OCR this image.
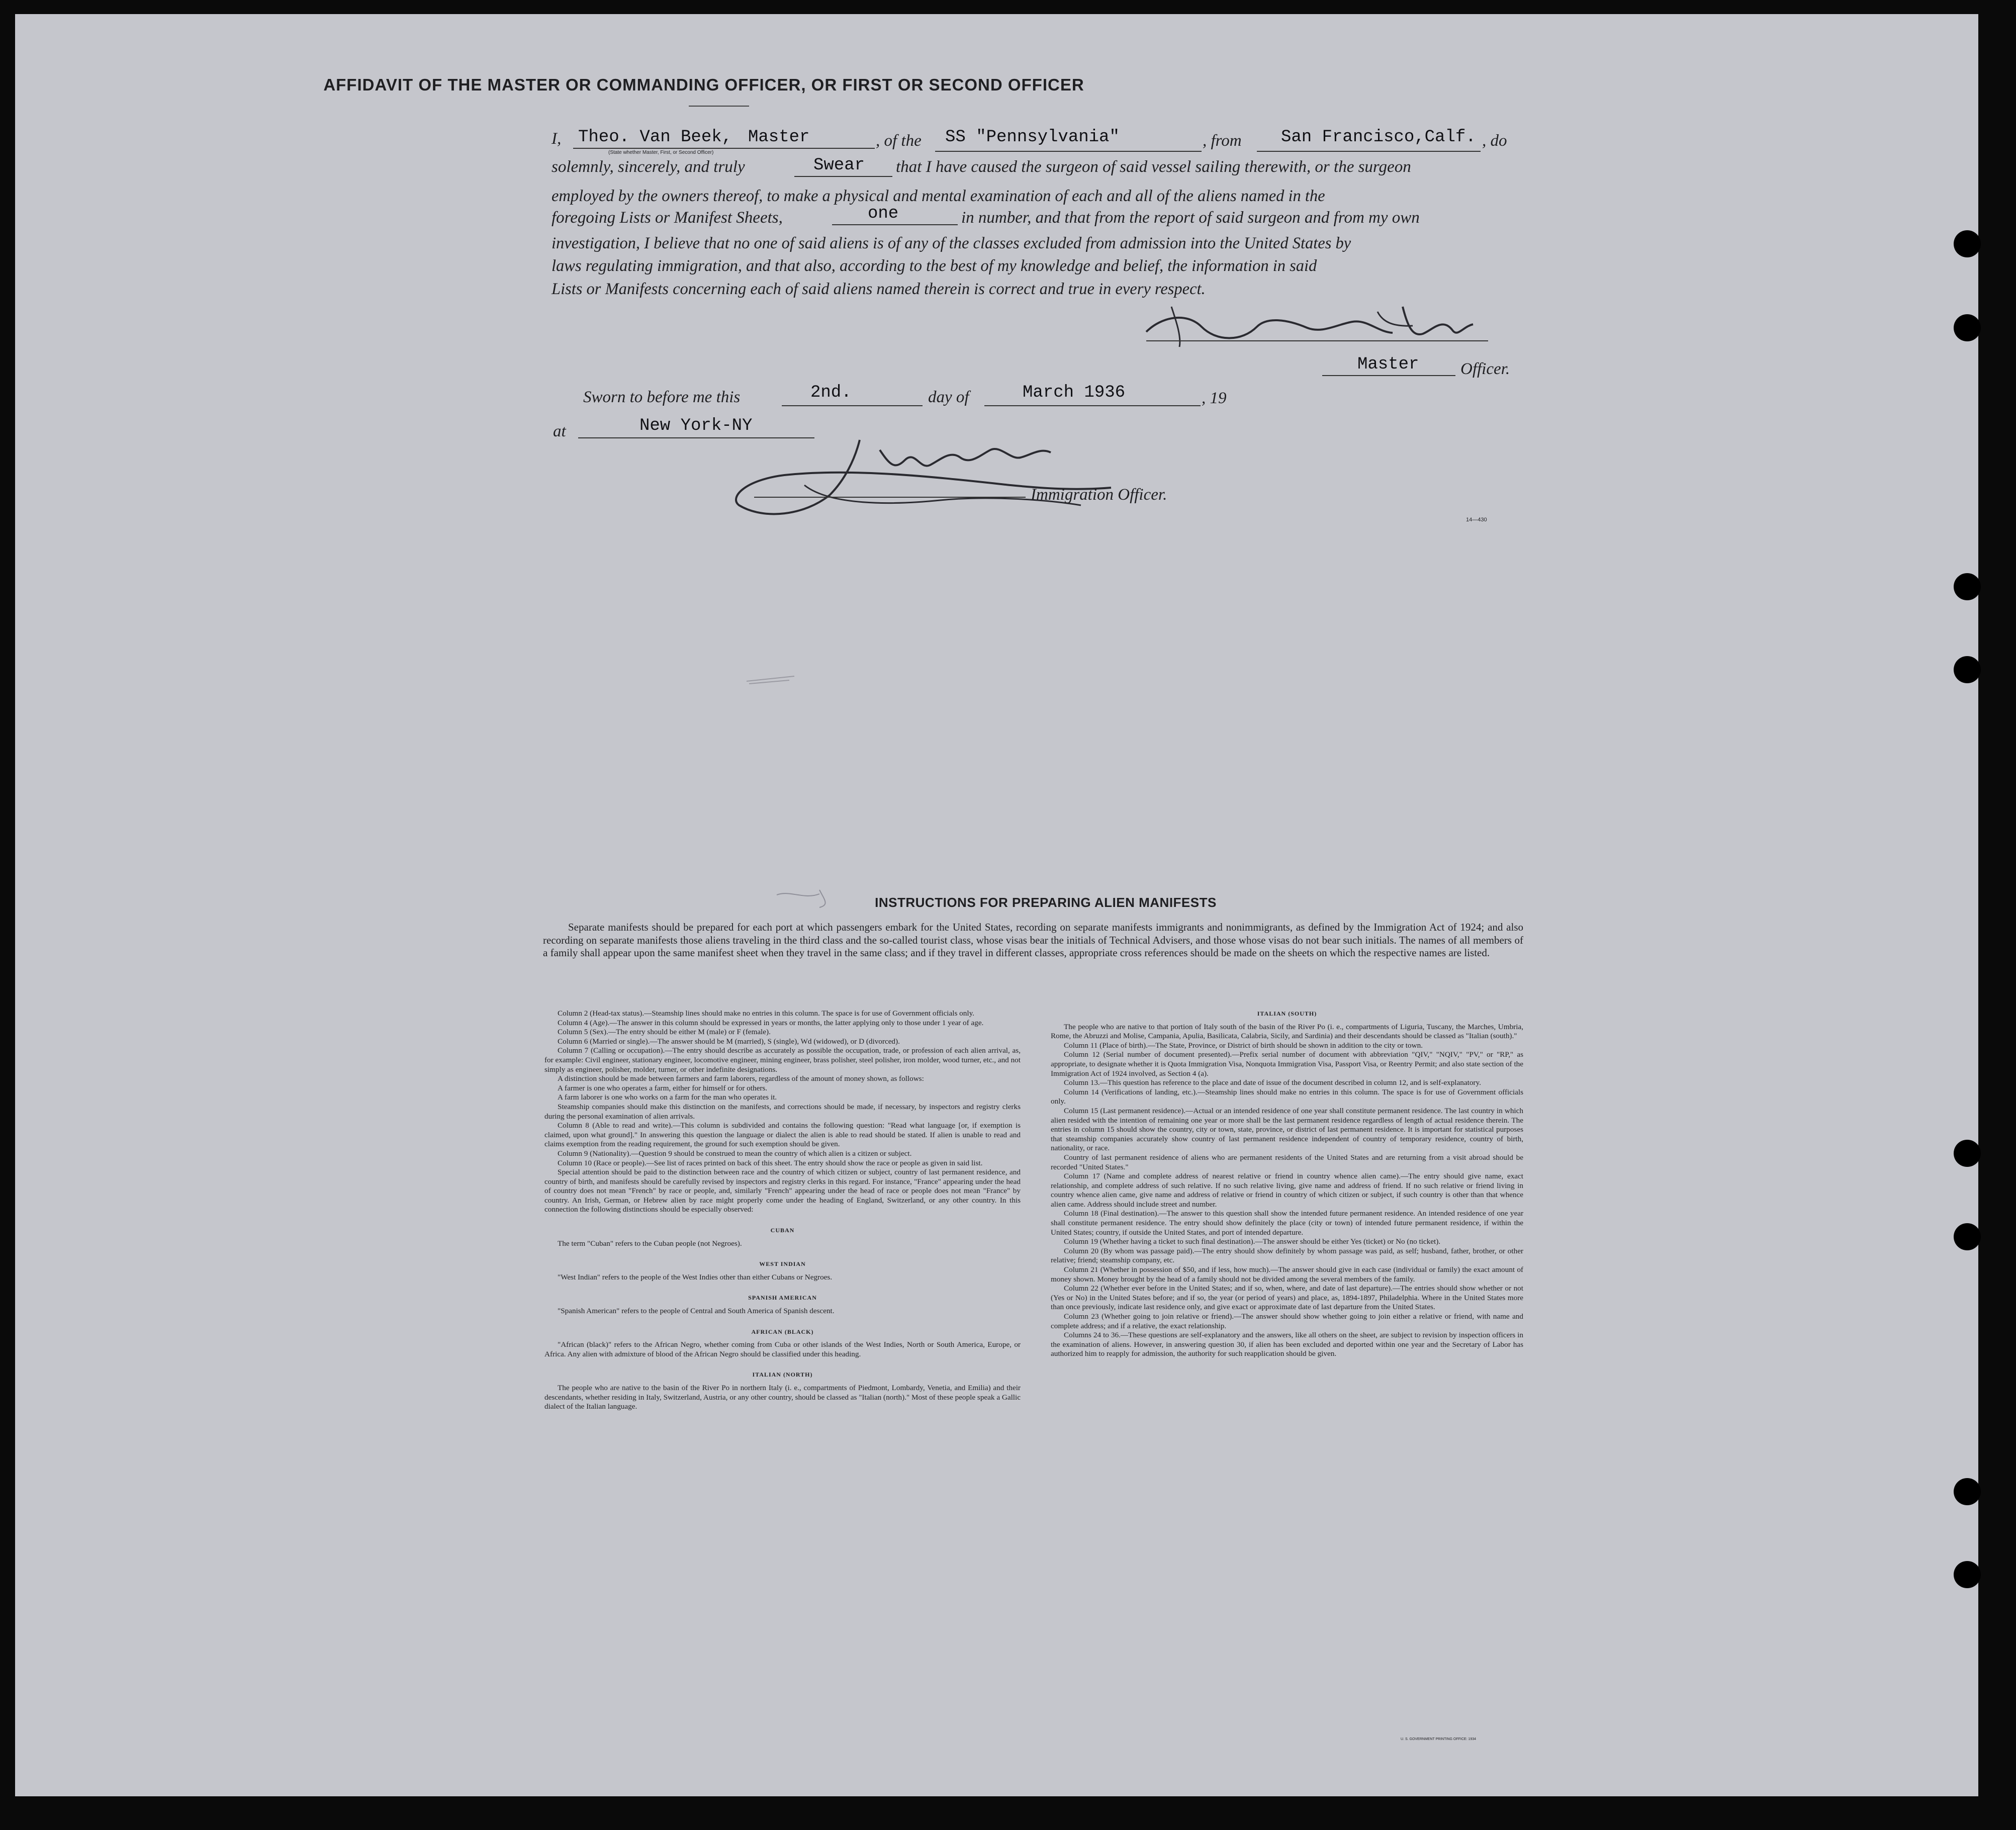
AFFIDAVIT OF THE MASTER OR COMMANDING OFFICER, OR FIRST OR SECOND OFFICER
I, Theo. Van Beek, Master
(State whether Master, First, or Second Officer)
, of the SS "Pennsylvania"	, from San Francisco,Calf. , do
solemnly, sincerely, and truly	Swear that I have caused the surgeon of said vessel sailing therewith, or the surgeon
employed by the owners thereof, to make a physical and mental examination of each and all of the aliens named in the
foregoing Lists or Manifest Sheets,	one	in number, and that from the report of said surgeon and from my own
investigation, I believe that no one of said aliens is of any of the classes excluded from admission into the United States by
laws regulating immigration, and that also, according to the best of my knowledge and belief, the information in said
Lists or Manifests concerning each of said aliens named therein is correct and true in every respect.
Master	Officer.
Sworn to before me this	2nd.	day of	March 1936	, 19
at	New York-NY
Immigration Officer.
14—430
INSTRUCTIONS FOR PREPARING ALIEN MANIFESTS
Separate manifests should be prepared for each port at which passengers embark for the United States, recording on separate manifests immigrants and nonimmigrants, as defined by the Immigration Act of 1924; and also recording on separate manifests those aliens traveling in the third class and the so-called tourist class, whose visas bear the initials of Technical Advisers, and those whose visas do not bear such initials. The names of all members of a family shall appear upon the same manifest sheet when they travel in the same class; and if they travel in different classes, appropriate cross references should be made on the sheets on which the respective names are listed.

Column 2 (Head-tax status).—Steamship lines should make no entries in this column. The space is for use of Government officials only.

Column 4 (Age).—The answer in this column should be expressed in years or months, the latter applying only to those under 1 year of age.

Column 5 (Sex).—The entry should be either M (male) or F (female).

Column 6 (Married or single).—The answer should be M (married), S (single), Wd (widowed), or D (divorced).

Column 7 (Calling or occupation).—The entry should describe as accurately as possible the occupation, trade, or profession of each alien arrival, as, for example: Civil engineer, stationary engineer, locomotive engineer, mining engineer, brass polisher, steel polisher, iron molder, wood turner, etc., and not simply as engineer, polisher, molder, turner, or other indefinite designations.

A distinction should be made between farmers and farm laborers, regardless of the amount of money shown, as follows:

A farmer is one who operates a farm, either for himself or for others.

A farm laborer is one who works on a farm for the man who operates it.

Steamship companies should make this distinction on the manifests, and corrections should be made, if necessary, by inspectors and registry clerks during the personal examination of alien arrivals.

Column 8 (Able to read and write).—This column is subdivided and contains the following question: "Read what language [or, if exemption is claimed, upon what ground]." In answering this question the language or dialect the alien is able to read should be stated. If alien is unable to read and claims exemption from the reading requirement, the ground for such exemption should be given.

Column 9 (Nationality).—Question 9 should be construed to mean the country of which alien is a citizen or subject.

Column 10 (Race or people).—See list of races printed on back of this sheet. The entry should show the race or people as given in said list.

Special attention should be paid to the distinction between race and the country of which citizen or subject, country of last permanent residence, and country of birth, and manifests should be carefully revised by inspectors and registry clerks in this regard. For instance, "France" appearing under the head of country does not mean "French" by race or people, and, similarly "French" appearing under the head of race or people does not mean "France" by country. An Irish, German, or Hebrew alien by race might properly come under the heading of England, Switzerland, or any other country. In this connection the following distinctions should be especially observed:

CUBAN

The term "Cuban" refers to the Cuban people (not Negroes).

WEST INDIAN

"West Indian" refers to the people of the West Indies other than either Cubans or Negroes.

SPANISH AMERICAN

"Spanish American" refers to the people of Central and South America of Spanish descent.

AFRICAN (BLACK)

"African (black)" refers to the African Negro, whether coming from Cuba or other islands of the West Indies, North or South America, Europe, or Africa. Any alien with admixture of blood of the African Negro should be classified under this heading.

ITALIAN (NORTH)

The people who are native to the basin of the River Po in northern Italy (i. e., compartments of Piedmont, Lombardy, Venetia, and Emilia) and their descendants, whether residing in Italy, Switzerland, Austria, or any other country, should be classed as "Italian (north)." Most of these people speak a Gallic dialect of the Italian language.

ITALIAN (SOUTH)

The people who are native to that portion of Italy south of the basin of the River Po (i. e., compartments of Liguria, Tuscany, the Marches, Umbria, Rome, the Abruzzi and Molise, Campania, Apulia, Basilicata, Calabria, Sicily, and Sardinia) and their descendants should be classed as "Italian (south)."

Column 11 (Place of birth).—The State, Province, or District of birth should be shown in addition to the city or town.

Column 12 (Serial number of document presented).—Prefix serial number of document with abbreviation "QIV," "NQIV," "PV," or "RP," as appropriate, to designate whether it is Quota Immigration Visa, Nonquota Immigration Visa, Passport Visa, or Reentry Permit; and also state section of the Immigration Act of 1924 involved, as Section 4 (a).

Column 13.—This question has reference to the place and date of issue of the document described in column 12, and is self-explanatory.

Column 14 (Verifications of landing, etc.).—Steamship lines should make no entries in this column. The space is for use of Government officials only.

Column 15 (Last permanent residence).—Actual or an intended residence of one year shall constitute permanent residence. The last country in which alien resided with the intention of remaining one year or more shall be the last permanent residence regardless of length of actual residence therein. The entries in column 15 should show the country, city or town, state, province, or district of last permanent residence. It is important for statistical purposes that steamship companies accurately show country of last permanent residence independent of country of temporary residence, country of birth, nationality, or race.

Country of last permanent residence of aliens who are permanent residents of the United States and are returning from a visit abroad should be recorded "United States."

Column 17 (Name and complete address of nearest relative or friend in country whence alien came).—The entry should give name, exact relationship, and complete address of such relative. If no such relative living, give name and address of friend. If no such relative or friend living in country whence alien came, give name and address of relative or friend in country of which citizen or subject, if such country is other than that whence alien came. Address should include street and number.

Column 18 (Final destination).—The answer to this question shall show the intended future permanent residence. An intended residence of one year shall constitute permanent residence. The entry should show definitely the place (city or town) of intended future permanent residence, if within the United States; country, if outside the United States, and port of intended departure.

Column 19 (Whether having a ticket to such final destination).—The answer should be either Yes (ticket) or No (no ticket).

Column 20 (By whom was passage paid).—The entry should show definitely by whom passage was paid, as self; husband, father, brother, or other relative; friend; steamship company, etc.

Column 21 (Whether in possession of $50, and if less, how much).—The answer should give in each case (individual or family) the exact amount of money shown. Money brought by the head of a family should not be divided among the several members of the family.

Column 22 (Whether ever before in the United States; and if so, when, where, and date of last departure).—The entries should show whether or not (Yes or No) in the United States before; and if so, the year (or period of years) and place, as, 1894-1897, Philadelphia. Where in the United States more than once previously, indicate last residence only, and give exact or approximate date of last departure from the United States.

Column 23 (Whether going to join relative or friend).—The answer should show whether going to join either a relative or friend, with name and complete address; and if a relative, the exact relationship.

Columns 24 to 36.—These questions are self-explanatory and the answers, like all others on the sheet, are subject to revision by inspection officers in the examination of aliens. However, in answering question 30, if alien has been excluded and deported within one year and the Secretary of Labor has authorized him to reapply for admission, the authority for such reapplication should be given.

U. S. GOVERNMENT PRINTING OFFICE: 1934
